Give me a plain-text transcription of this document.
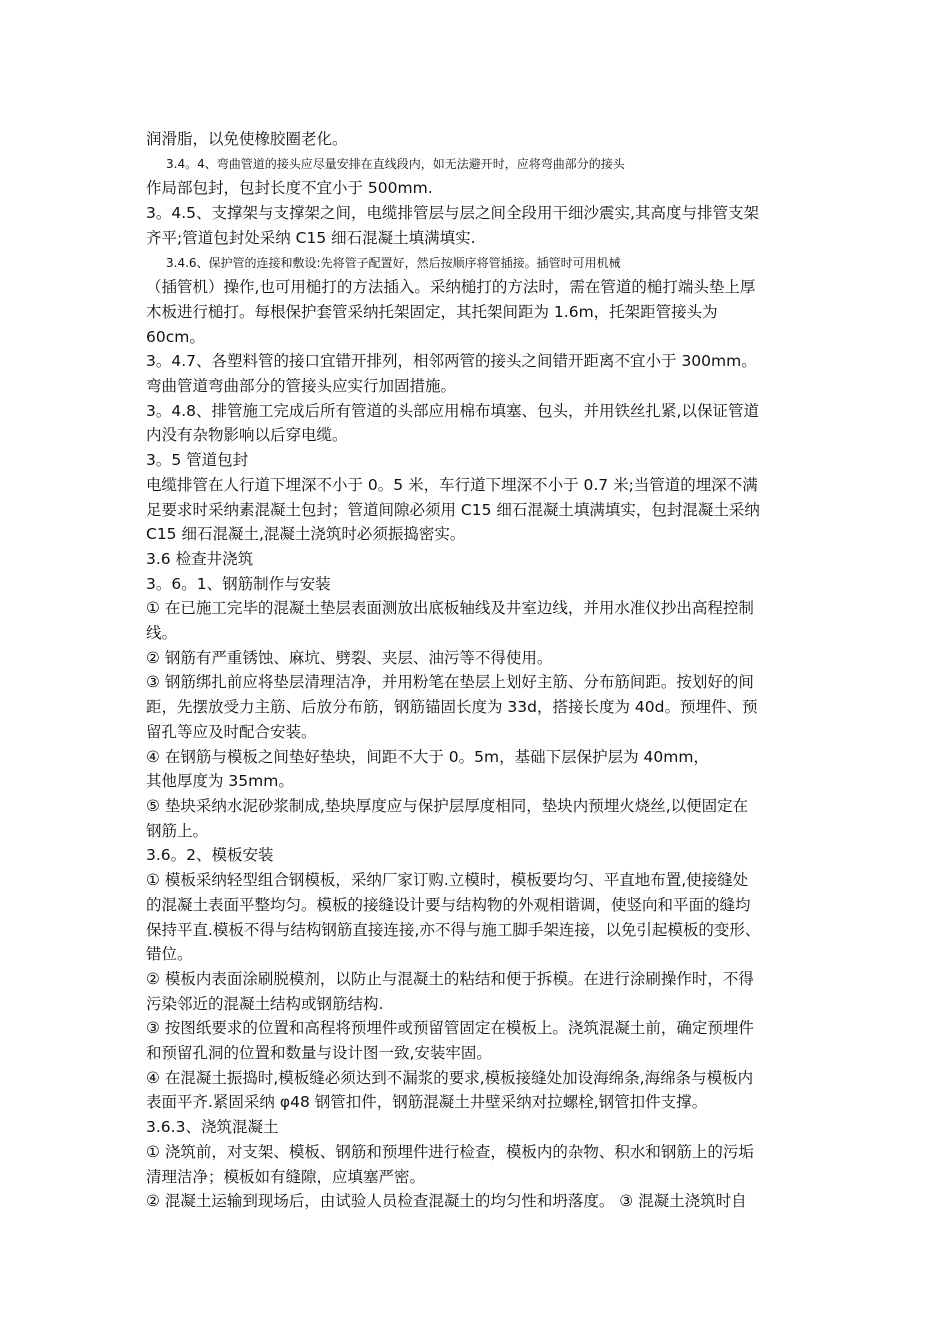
润滑脂，以免使橡胶圈老化。

3.4。4、弯曲管道的接头应尽量安排在直线段内，如无法避开时，应将弯曲部分的接头

作局部包封，包封长度不宜小于 500mm.

3。4.5、支撑架与支撑架之间，电缆排管层与层之间全段用干细沙震实,其高度与排管支架

齐平;管道包封处采纳 C15 细石混凝土填满填实.

3.4.6、保护管的连接和敷设:先将管子配置好，然后按顺序将管插接。插管时可用机械

（插管机）操作,也可用槌打的方法插入。采纳槌打的方法时，需在管道的槌打端头垫上厚

木板进行槌打。每根保护套管采纳托架固定，其托架间距为 1.6m，托架距管接头为

60cm。

3。4.7、各塑料管的接口宜错开排列，相邻两管的接头之间错开距离不宜小于 300mm。

弯曲管道弯曲部分的管接头应实行加固措施。

3。4.8、排管施工完成后所有管道的头部应用棉布填塞、包头，并用铁丝扎紧,以保证管道

内没有杂物影响以后穿电缆。

3。5 管道包封

电缆排管在人行道下埋深不小于 0。5 米，车行道下埋深不小于 0.7 米;当管道的埋深不满

足要求时采纳素混凝土包封；管道间隙必须用 C15 细石混凝土填满填实，包封混凝土采纳

C15 细石混凝土,混凝土浇筑时必须振捣密实。

3.6 检查井浇筑

3。6。1、钢筋制作与安装

① 在已施工完毕的混凝土垫层表面测放出底板轴线及井室边线，并用水准仪抄出高程控制

线。

② 钢筋有严重锈蚀、麻坑、劈裂、夹层、油污等不得使用。

③ 钢筋绑扎前应将垫层清理洁净，并用粉笔在垫层上划好主筋、分布筋间距。按划好的间

距，先摆放受力主筋、后放分布筋，钢筋锚固长度为 33d，搭接长度为 40d。预埋件、预

留孔等应及时配合安装。

④ 在钢筋与模板之间垫好垫块，间距不大于 0。5m，基础下层保护层为 40mm，

其他厚度为 35mm。

⑤ 垫块采纳水泥砂浆制成,垫块厚度应与保护层厚度相同，垫块内预埋火烧丝,以便固定在

钢筋上。

3.6。2、模板安装

① 模板采纳轻型组合钢模板，采纳厂家订购.立模时，模板要均匀、平直地布置,使接缝处

的混凝土表面平整均匀。模板的接缝设计要与结构物的外观相谐调，使竖向和平面的缝均

保持平直.模板不得与结构钢筋直接连接,亦不得与施工脚手架连接，以免引起模板的变形、

错位。

② 模板内表面涂刷脱模剂，以防止与混凝土的粘结和便于拆模。在进行涂刷操作时，不得

污染邻近的混凝土结构或钢筋结构.

③ 按图纸要求的位置和高程将预埋件或预留管固定在模板上。浇筑混凝土前，确定预埋件

和预留孔洞的位置和数量与设计图一致,安装牢固。

④ 在混凝土振捣时,模板缝必须达到不漏浆的要求,模板接缝处加设海绵条,海绵条与模板内

表面平齐.紧固采纳 φ48 钢管扣件，钢筋混凝土井壁采纳对拉螺栓,钢管扣件支撑。

3.6.3、浇筑混凝土

① 浇筑前，对支架、模板、钢筋和预埋件进行检查，模板内的杂物、积水和钢筋上的污垢

清理洁净；模板如有缝隙，应填塞严密。

② 混凝土运输到现场后，由试验人员检查混凝土的均匀性和坍落度。 ③ 混凝土浇筑时自
